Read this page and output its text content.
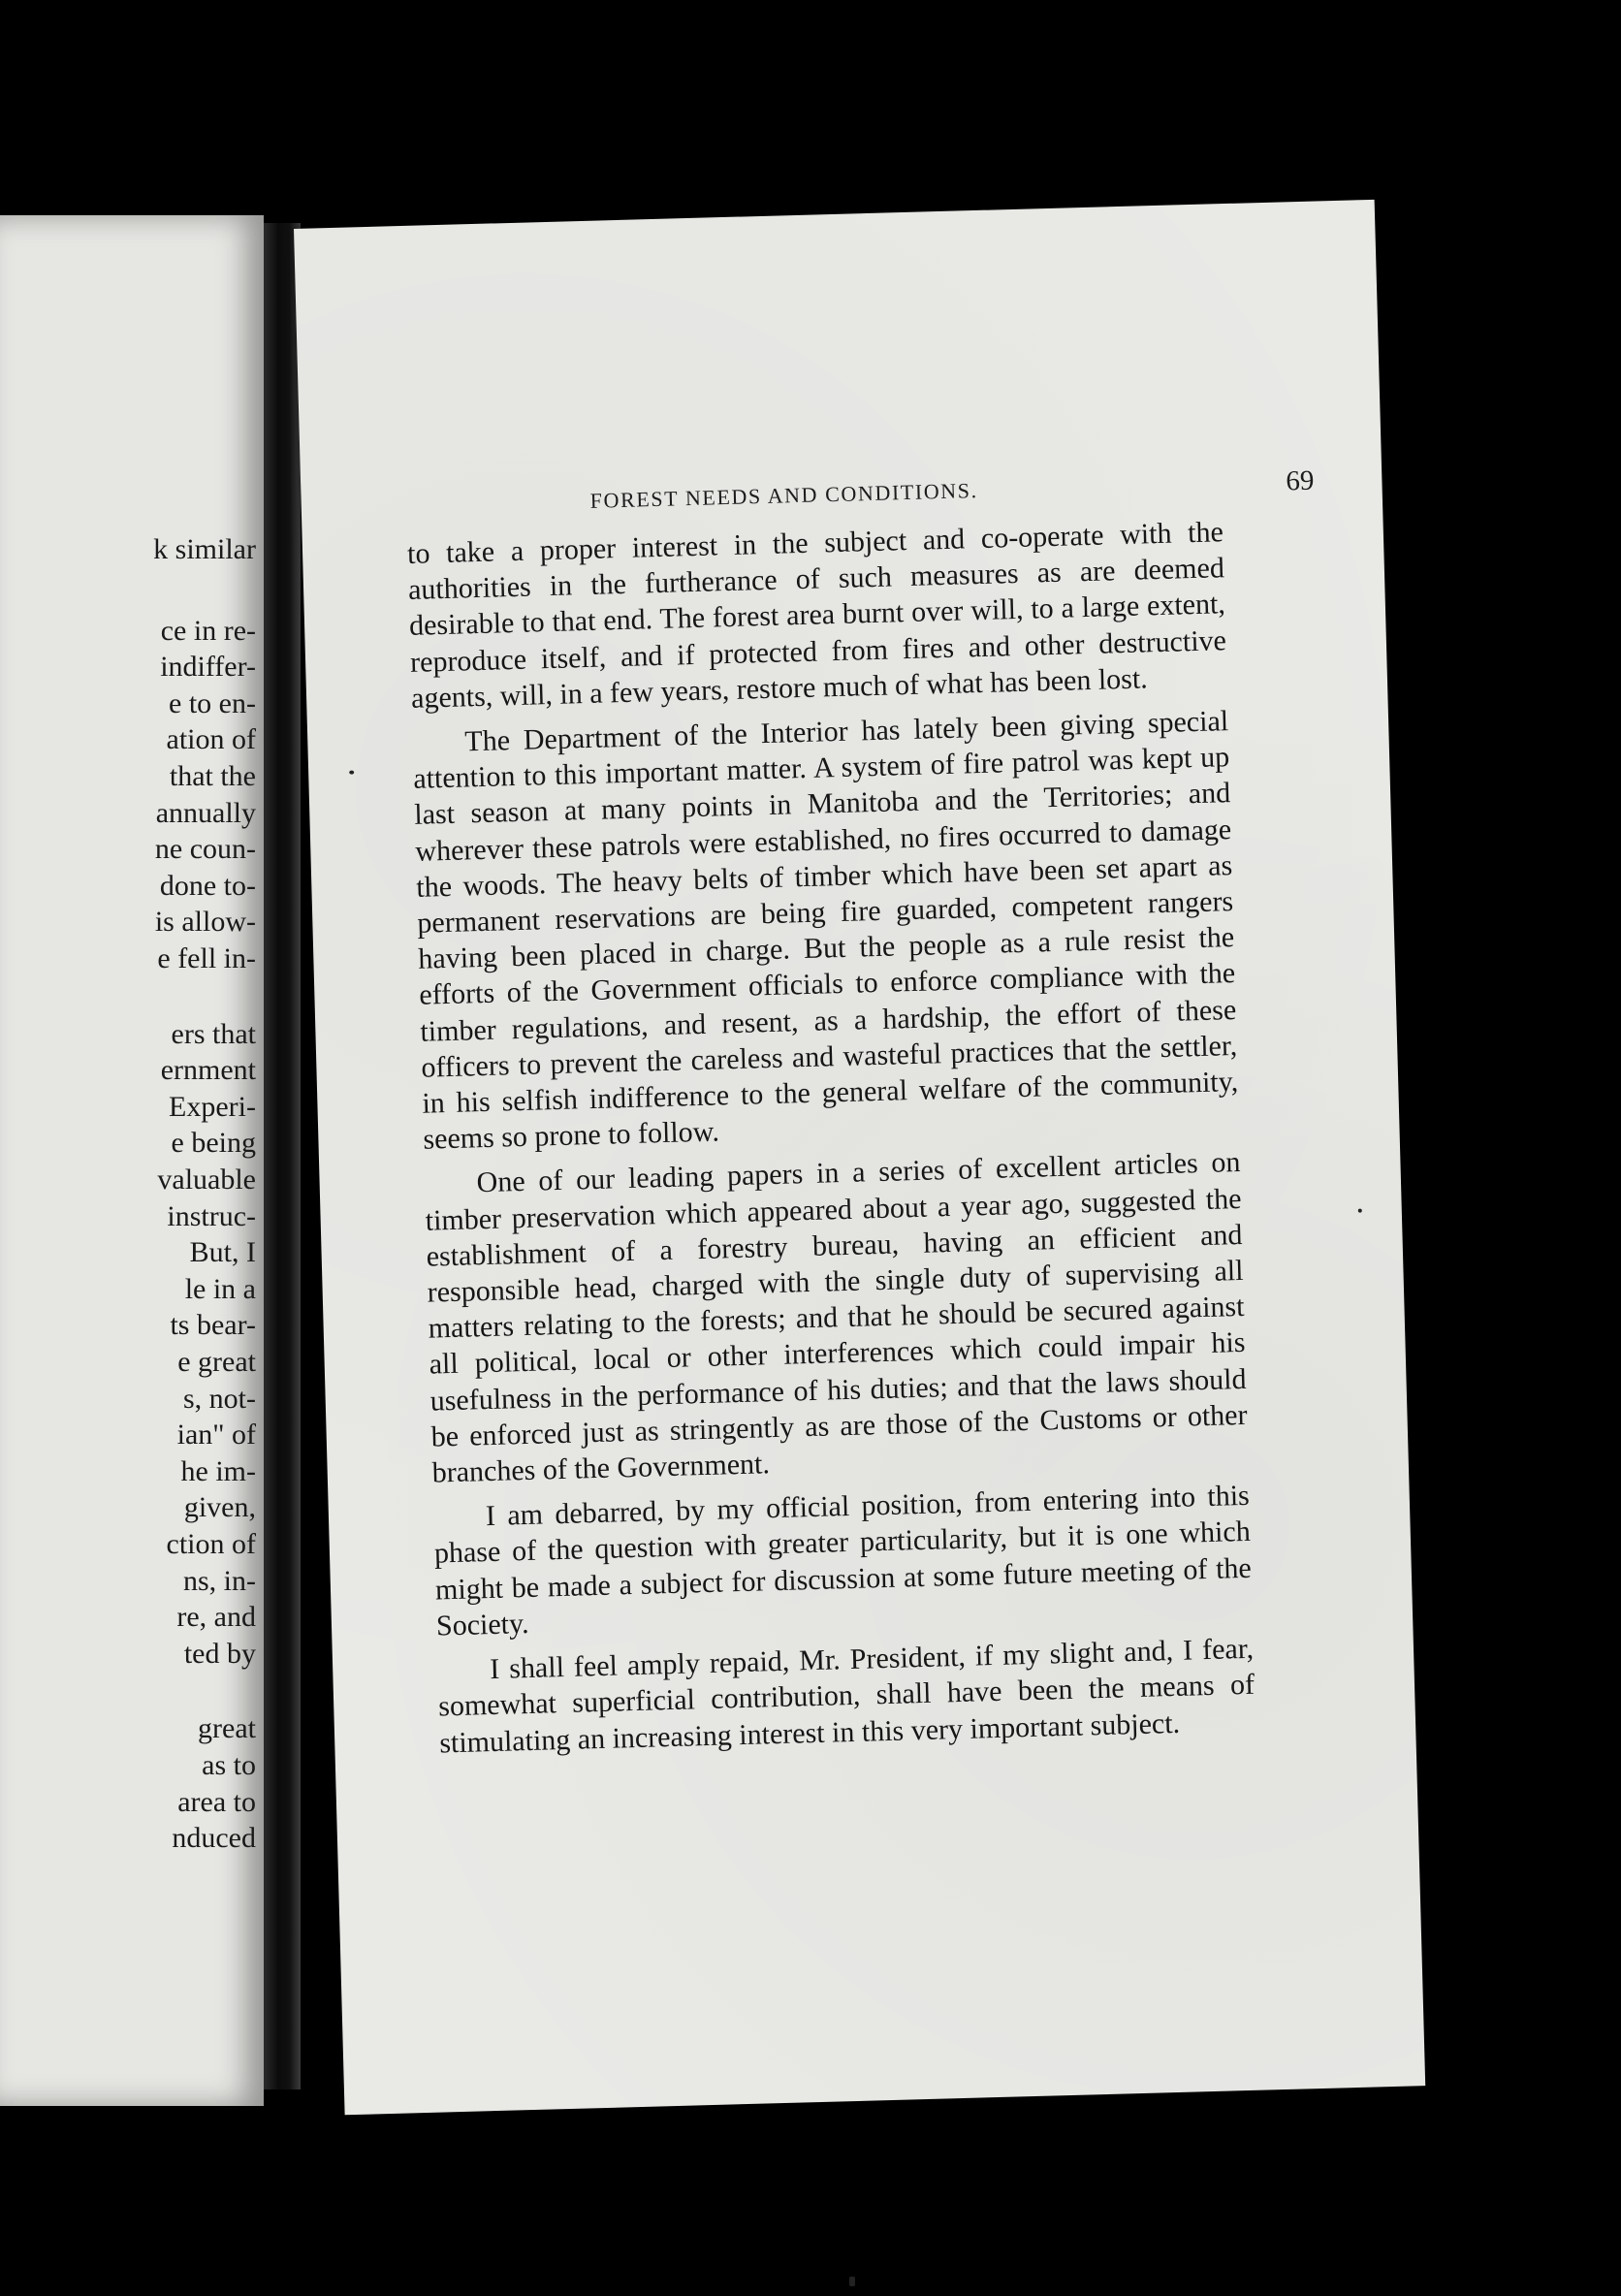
k similar
ce in re-
indiffer-
e to en-
ation of
that the
annually
ne coun-
done to-
is allow-
e fell in-
ers that
ernment
Experi-
e being
valuable
instruc-
But, I
le in a
ts bear-
e great
s, not-
ian" of
he im-
given,
ction of
ns, in-
re, and
ted by
great
as to
area to
nduced
FOREST NEEDS AND CONDITIONS.	69

to take a proper interest in the subject and co-operate with the authorities in the furtherance of such measures as are deemed desirable to that end. The forest area burnt over will, to a large extent, reproduce itself, and if protected from fires and other destructive agents, will, in a few years, restore much of what has been lost.

The Department of the Interior has lately been giving special attention to this important matter. A system of fire patrol was kept up last season at many points in Manitoba and the Territories; and wherever these patrols were established, no fires occurred to damage the woods. The heavy belts of timber which have been set apart as permanent reservations are being fire guarded, competent rangers having been placed in charge. But the people as a rule resist the efforts of the Government officials to enforce compliance with the timber regulations, and resent, as a hardship, the effort of these officers to prevent the careless and wasteful practices that the settler, in his selfish indifference to the general welfare of the community, seems so prone to follow.

One of our leading papers in a series of excellent articles on timber preservation which appeared about a year ago, suggested the establishment of a forestry bureau, having an efficient and responsible head, charged with the single duty of supervising all matters relating to the forests; and that he should be secured against all political, local or other interferences which could impair his usefulness in the performance of his duties; and that the laws should be enforced just as stringently as are those of the Customs or other branches of the Government.

I am debarred, by my official position, from entering into this phase of the question with greater particularity, but it is one which might be made a subject for discussion at some future meeting of the Society.

I shall feel amply repaid, Mr. President, if my slight and, I fear, somewhat superficial contribution, shall have been the means of stimulating an increasing interest in this very important subject.
